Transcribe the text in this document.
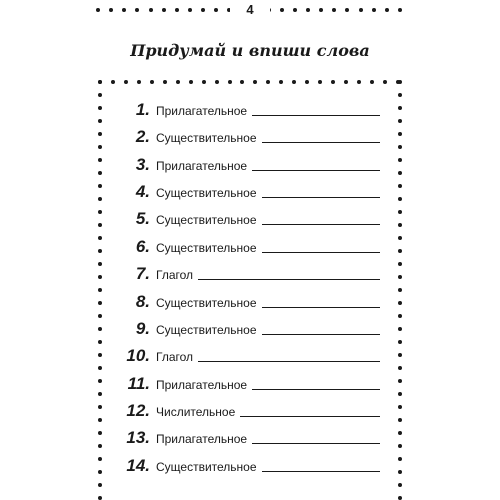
4
Придумай и впиши слова
1. Прилагательное
2. Существительное
3. Прилагательное
4. Существительное
5. Существительное
6. Существительное
7. Глагол
8. Существительное
9. Существительное
10. Глагол
11. Прилагательное
12. Числительное
13. Прилагательное
14. Существительное
